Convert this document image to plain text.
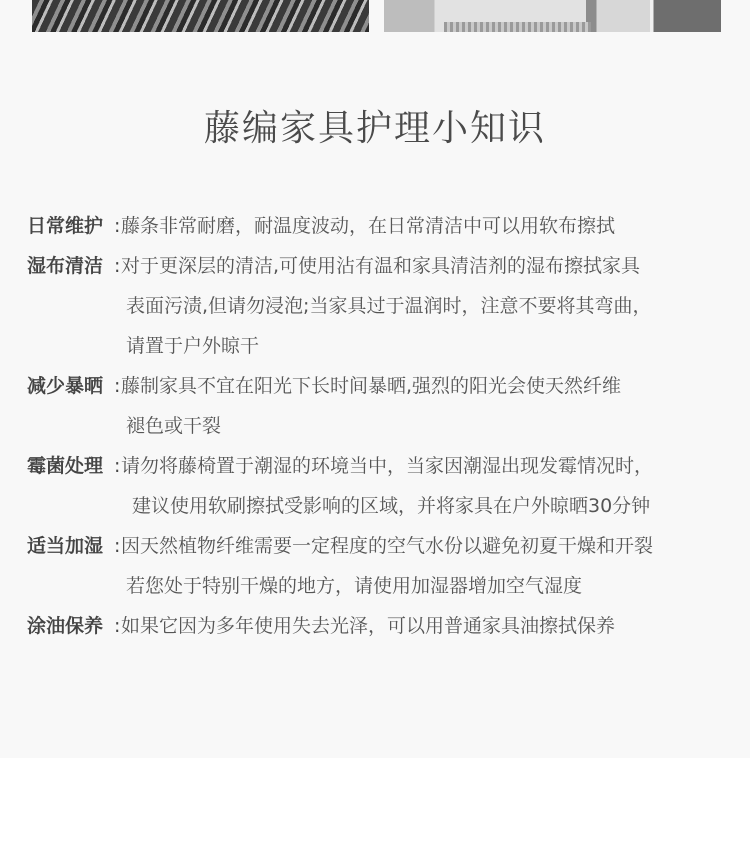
藤编家具护理小知识
日常维护 : 藤条非常耐磨，耐温度波动，在日常清洁中可以用软布擦拭
湿布清洁 : 对于更深层的清洁,可使用沾有温和家具清洁剂的湿布擦拭家具
表面污渍,但请勿浸泡;当家具过于温润时，注意不要将其弯曲，
请置于户外晾干
减少暴晒 : 藤制家具不宜在阳光下长时间暴晒,强烈的阳光会使天然纤维
褪色或干裂
霉菌处理 : 请勿将藤椅置于潮湿的环境当中，当家因潮湿出现发霉情况时，
建议使用软刷擦拭受影响的区域，并将家具在户外晾晒30分钟
适当加湿 : 因天然植物纤维需要一定程度的空气水份以避免初夏干燥和开裂
若您处于特别干燥的地方，请使用加湿器增加空气湿度
涂油保养 : 如果它因为多年使用失去光泽，可以用普通家具油擦拭保养
